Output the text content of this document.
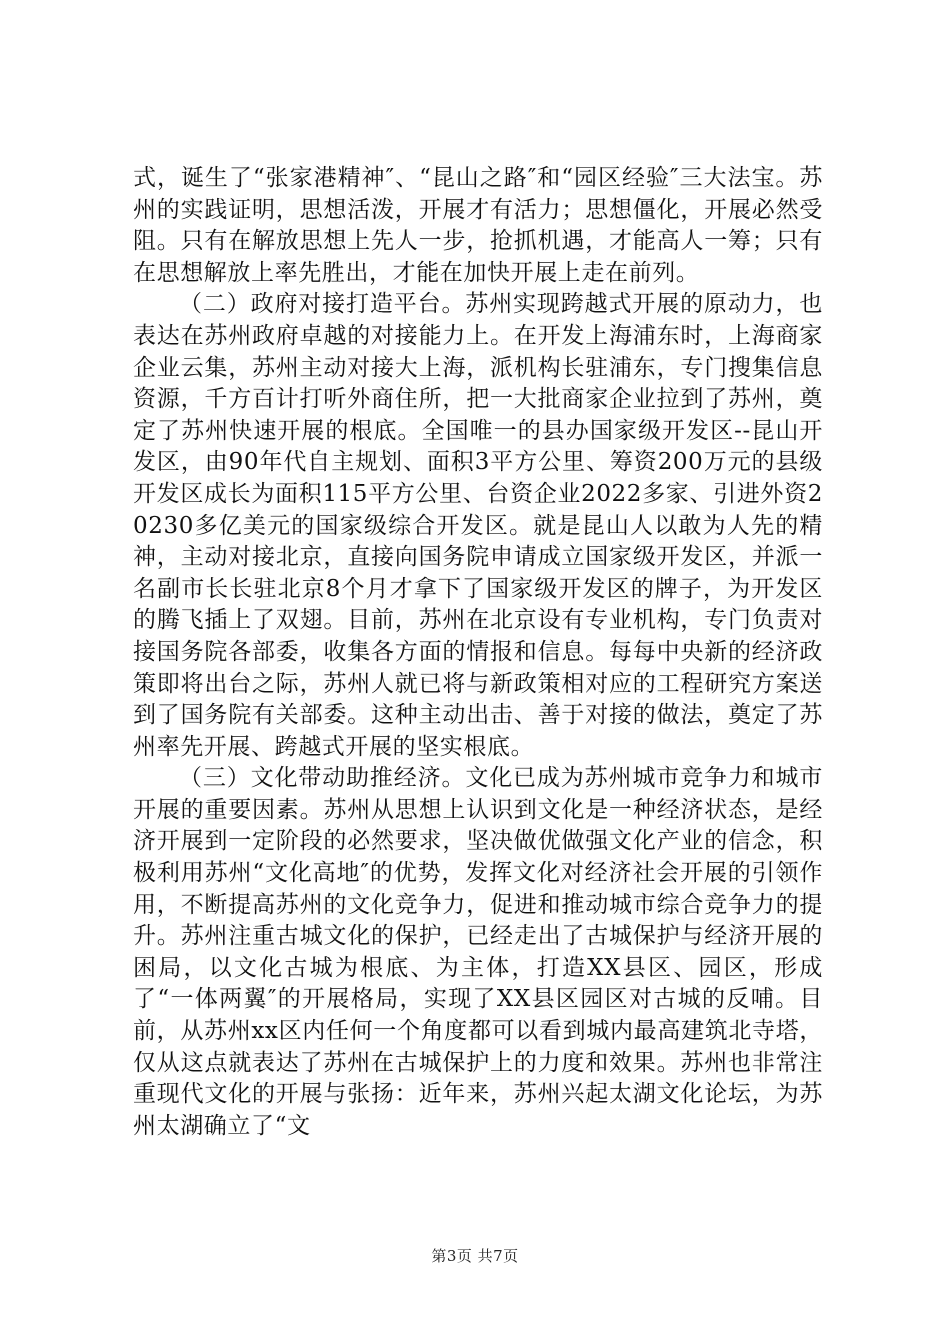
式，诞生了“张家港精神″、“昆山之路″和“园区经验″三大法宝。苏州的实践证明，思想活泼，开展才有活力；思想僵化，开展必然受阻。只有在解放思想上先人一步，抢抓机遇，才能高人一筹；只有在思想解放上率先胜出，才能在加快开展上走在前列。

（二）政府对接打造平台。苏州实现跨越式开展的原动力，也表达在苏州政府卓越的对接能力上。在开发上海浦东时，上海商家企业云集，苏州主动对接大上海，派机构长驻浦东，专门搜集信息资源，千方百计打听外商住所，把一大批商家企业拉到了苏州，奠定了苏州快速开展的根底。全国唯一的县办国家级开发区--昆山开发区，由90年代自主规划、面积3平方公里、筹资200万元的县级开发区成长为面积115平方公里、台资企业2022多家、引进外资20230多亿美元的国家级综合开发区。就是昆山人以敢为人先的精神，主动对接北京，直接向国务院申请成立国家级开发区，并派一名副市长长驻北京8个月才拿下了国家级开发区的牌子，为开发区的腾飞插上了双翅。目前，苏州在北京设有专业机构，专门负责对接国务院各部委，收集各方面的情报和信息。每每中央新的经济政策即将出台之际，苏州人就已将与新政策相对应的工程研究方案送到了国务院有关部委。这种主动出击、善于对接的做法，奠定了苏州率先开展、跨越式开展的坚实根底。

（三）文化带动助推经济。文化已成为苏州城市竞争力和城市开展的重要因素。苏州从思想上认识到文化是一种经济状态，是经济开展到一定阶段的必然要求，坚决做优做强文化产业的信念，积极利用苏州“文化高地″的优势，发挥文化对经济社会开展的引领作用，不断提高苏州的文化竞争力，促进和推动城市综合竞争力的提升。苏州注重古城文化的保护，已经走出了古城保护与经济开展的困局，以文化古城为根底、为主体，打造XX县区、园区，形成了“一体两翼″的开展格局，实现了XX县区园区对古城的反哺。目前，从苏州xx区内任何一个角度都可以看到城内最高建筑北寺塔，仅从这点就表达了苏州在古城保护上的力度和效果。苏州也非常注重现代文化的开展与张扬：近年来，苏州兴起太湖文化论坛，为苏州太湖确立了“文

第3页 共7页
